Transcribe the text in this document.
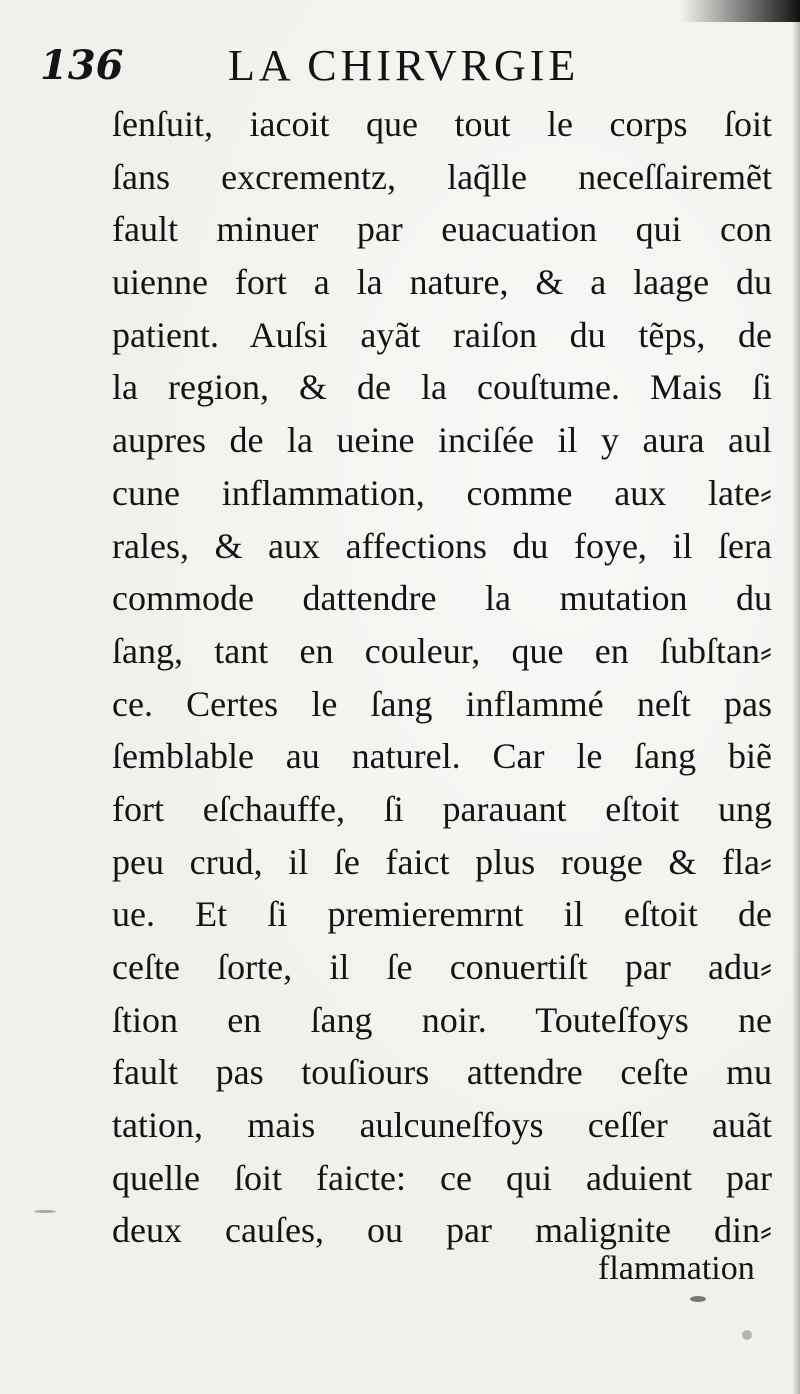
136 LA CHIRVRGIE
ſenſuit, iacoit que tout le corps ſoit
ſans excrementz, laq̃lle neceſſairemẽt
fault minuer par euacuation qui con
uienne fort a la nature, & a laage du
patient. Auſsi ayãt raiſon du tẽps, de
la region, & de la couſtume. Mais ſi
aupres de la ueine inciſée il y aura aul
cune inflammation, comme aux late⸗
rales, & aux affections du foye, il ſera
commode dattendre la mutation du
ſang, tant en couleur, que en ſubſtan⸗
ce. Certes le ſang inflammé neſt pas
ſemblable au naturel. Car le ſang biẽ
fort eſchauffe, ſi parauant eſtoit ung
peu crud, il ſe faict plus rouge & fla⸗
ue. Et ſi premieremrnt il eſtoit de
ceſte ſorte, il ſe conuertiſt par adu⸗
ſtion en ſang noir. Touteſfoys ne
fault pas touſiours attendre ceſte mu
tation, mais aulcuneſfoys ceſſer auãt
quelle ſoit faicte: ce qui aduient par
deux cauſes, ou par malignite din⸗
flammation
